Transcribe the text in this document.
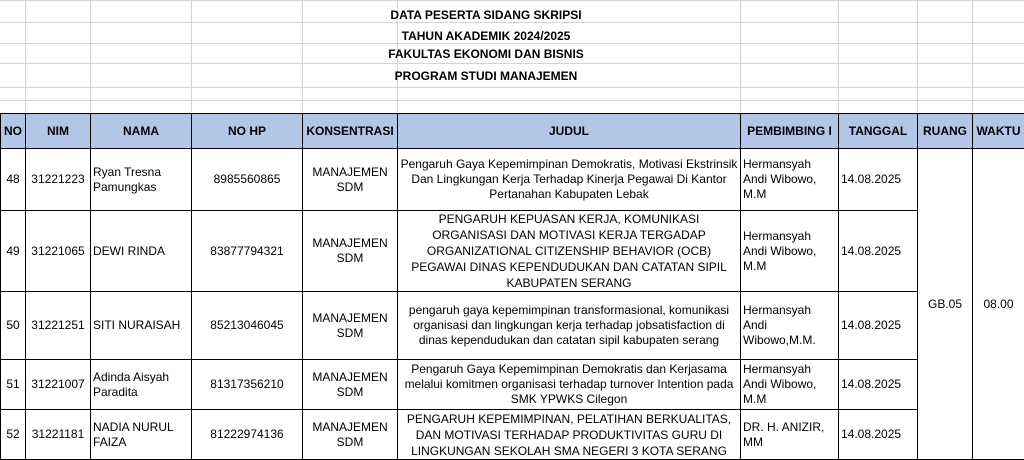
DATA PESERTA SIDANG SKRIPSI
TAHUN AKADEMIK 2024/2025
FAKULTAS EKONOMI DAN BISNIS
PROGRAM STUDI MANAJEMEN
NO	NIM	NAMA	NO HP	KONSENTRASI	JUDUL	PEMBIMBING I	TANGGAL	RUANG	WAKTU
48	31221223	Ryan Tresna Pamungkas	8985560865	MANAJEMEN SDM	Pengaruh Gaya Kepemimpinan Demokratis, Motivasi Ekstrinsik Dan Lingkungan Kerja Terhadap Kinerja Pegawai Di Kantor Pertanahan Kabupaten Lebak	Hermansyah Andi Wibowo, M.M	14.08.2025	GB.05	08.00
49	31221065	DEWI RINDA	83877794321	MANAJEMEN SDM	PENGARUH KEPUASAN KERJA, KOMUNIKASI ORGANISASI DAN MOTIVASI KERJA TERGADAP ORGANIZATIONAL CITIZENSHIP BEHAVIOR (OCB) PEGAWAI DINAS KEPENDUDUKAN DAN CATATAN SIPIL KABUPATEN SERANG	Hermansyah Andi Wibowo, M.M	14.08.2025		
50	31221251	SITI NURAISAH	85213046045	MANAJEMEN SDM	pengaruh gaya kepemimpinan transformasional, komunikasi organisasi dan lingkungan kerja terhadap jobsatisfaction di dinas kependudukan dan catatan sipil kabupaten serang	Hermansyah Andi Wibowo,M.M.	14.08.2025		
51	31221007	Adinda Aisyah Paradita	81317356210	MANAJEMEN SDM	Pengaruh Gaya Kepemimpinan Demokratis dan Kerjasama melalui komitmen organisasi terhadap turnover Intention pada SMK YPWKS Cilegon	Hermansyah Andi Wibowo, M.M	14.08.2025		
52	31221181	NADIA NURUL FAIZA	81222974136	MANAJEMEN SDM	PENGARUH KEPEMIMPINAN, PELATIHAN BERKUALITAS, DAN MOTIVASI TERHADAP PRODUKTIVITAS GURU DI LINGKUNGAN SEKOLAH SMA NEGERI 3 KOTA SERANG	DR. H. ANIZIR, MM	14.08.2025		
